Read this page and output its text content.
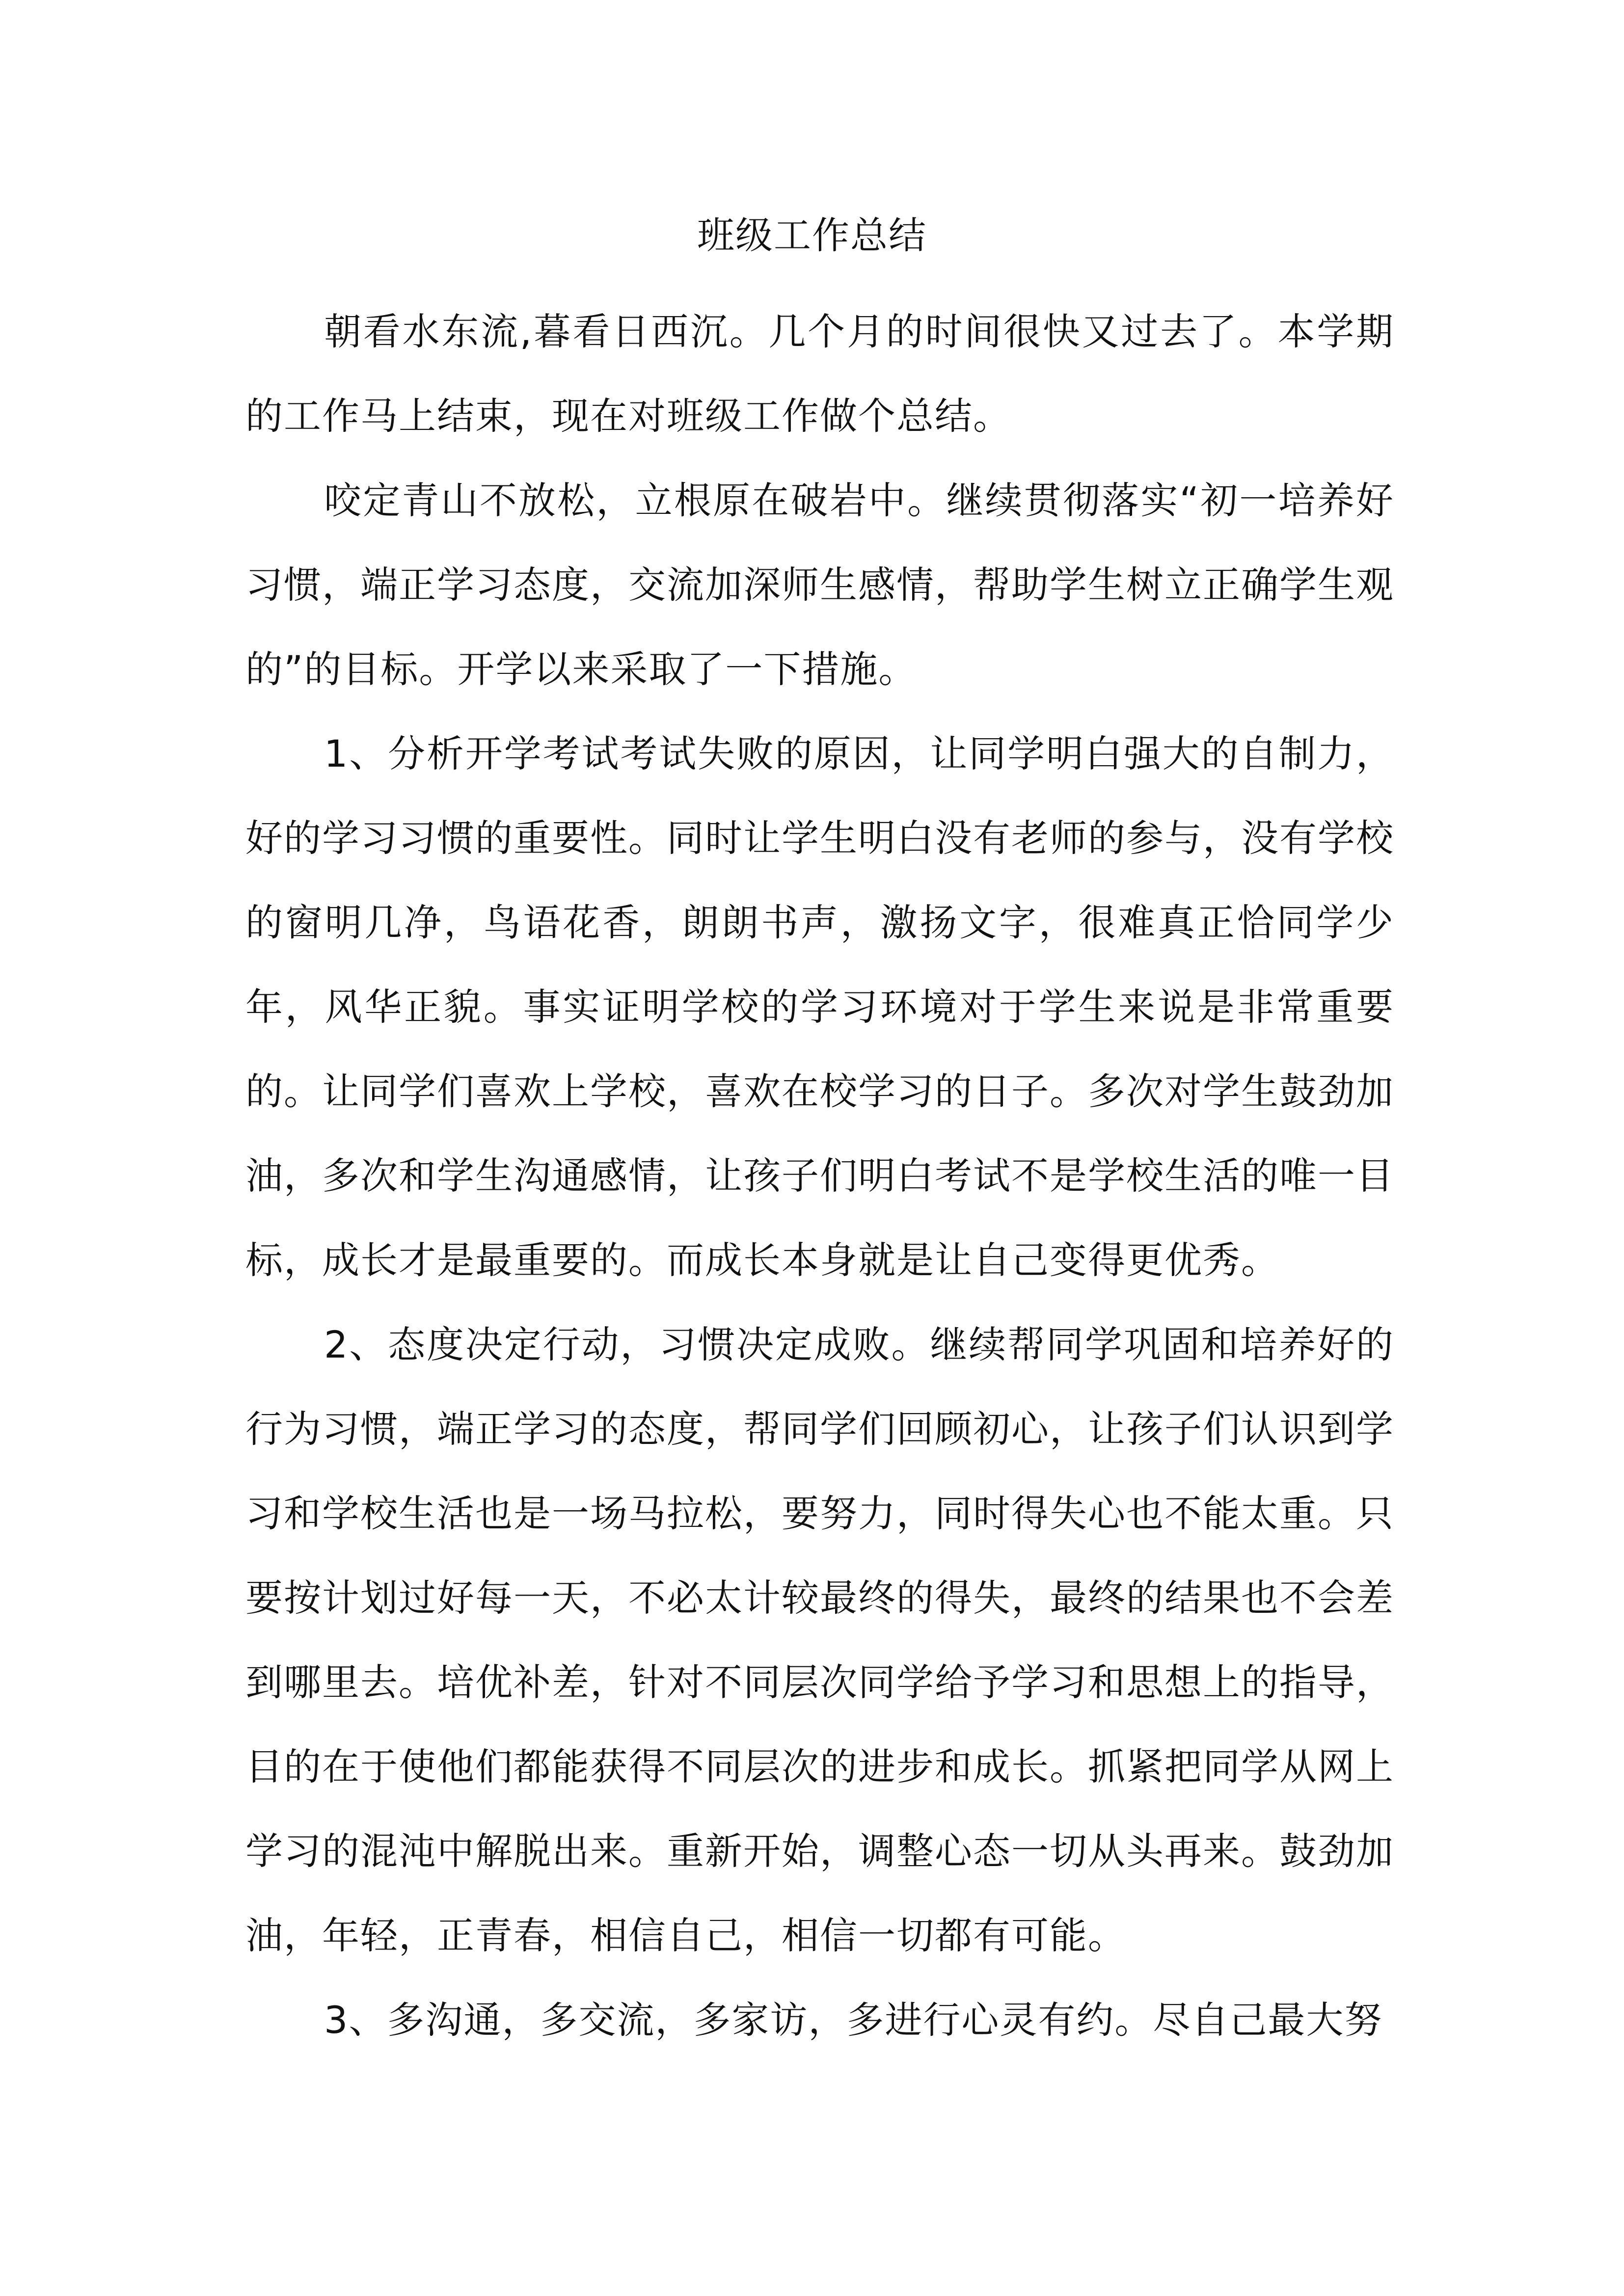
班级工作总结

朝看水东流,暮看日西沉。几个月的时间很快又过去了。本学期的工作马上结束，现在对班级工作做个总结。

咬定青山不放松，立根原在破岩中。继续贯彻落实“初一培养好习惯，端正学习态度，交流加深师生感情，帮助学生树立正确学生观的”的目标。开学以来采取了一下措施。

1、分析开学考试考试失败的原因，让同学明白强大的自制力，好的学习习惯的重要性。同时让学生明白没有老师的参与，没有学校的窗明几净，鸟语花香，朗朗书声，激扬文字，很难真正恰同学少年，风华正貌。事实证明学校的学习环境对于学生来说是非常重要的。让同学们喜欢上学校，喜欢在校学习的日子。多次对学生鼓劲加油，多次和学生沟通感情，让孩子们明白考试不是学校生活的唯一目标，成长才是最重要的。而成长本身就是让自己变得更优秀。

2、态度决定行动，习惯决定成败。继续帮同学巩固和培养好的行为习惯，端正学习的态度，帮同学们回顾初心，让孩子们认识到学习和学校生活也是一场马拉松，要努力，同时得失心也不能太重。只要按计划过好每一天，不必太计较最终的得失，最终的结果也不会差到哪里去。培优补差，针对不同层次同学给予学习和思想上的指导，目的在于使他们都能获得不同层次的进步和成长。抓紧把同学从网上学习的混沌中解脱出来。重新开始，调整心态一切从头再来。鼓劲加油，年轻，正青春，相信自己，相信一切都有可能。

3、多沟通，多交流，多家访，多进行心灵有约。尽自己最大努
